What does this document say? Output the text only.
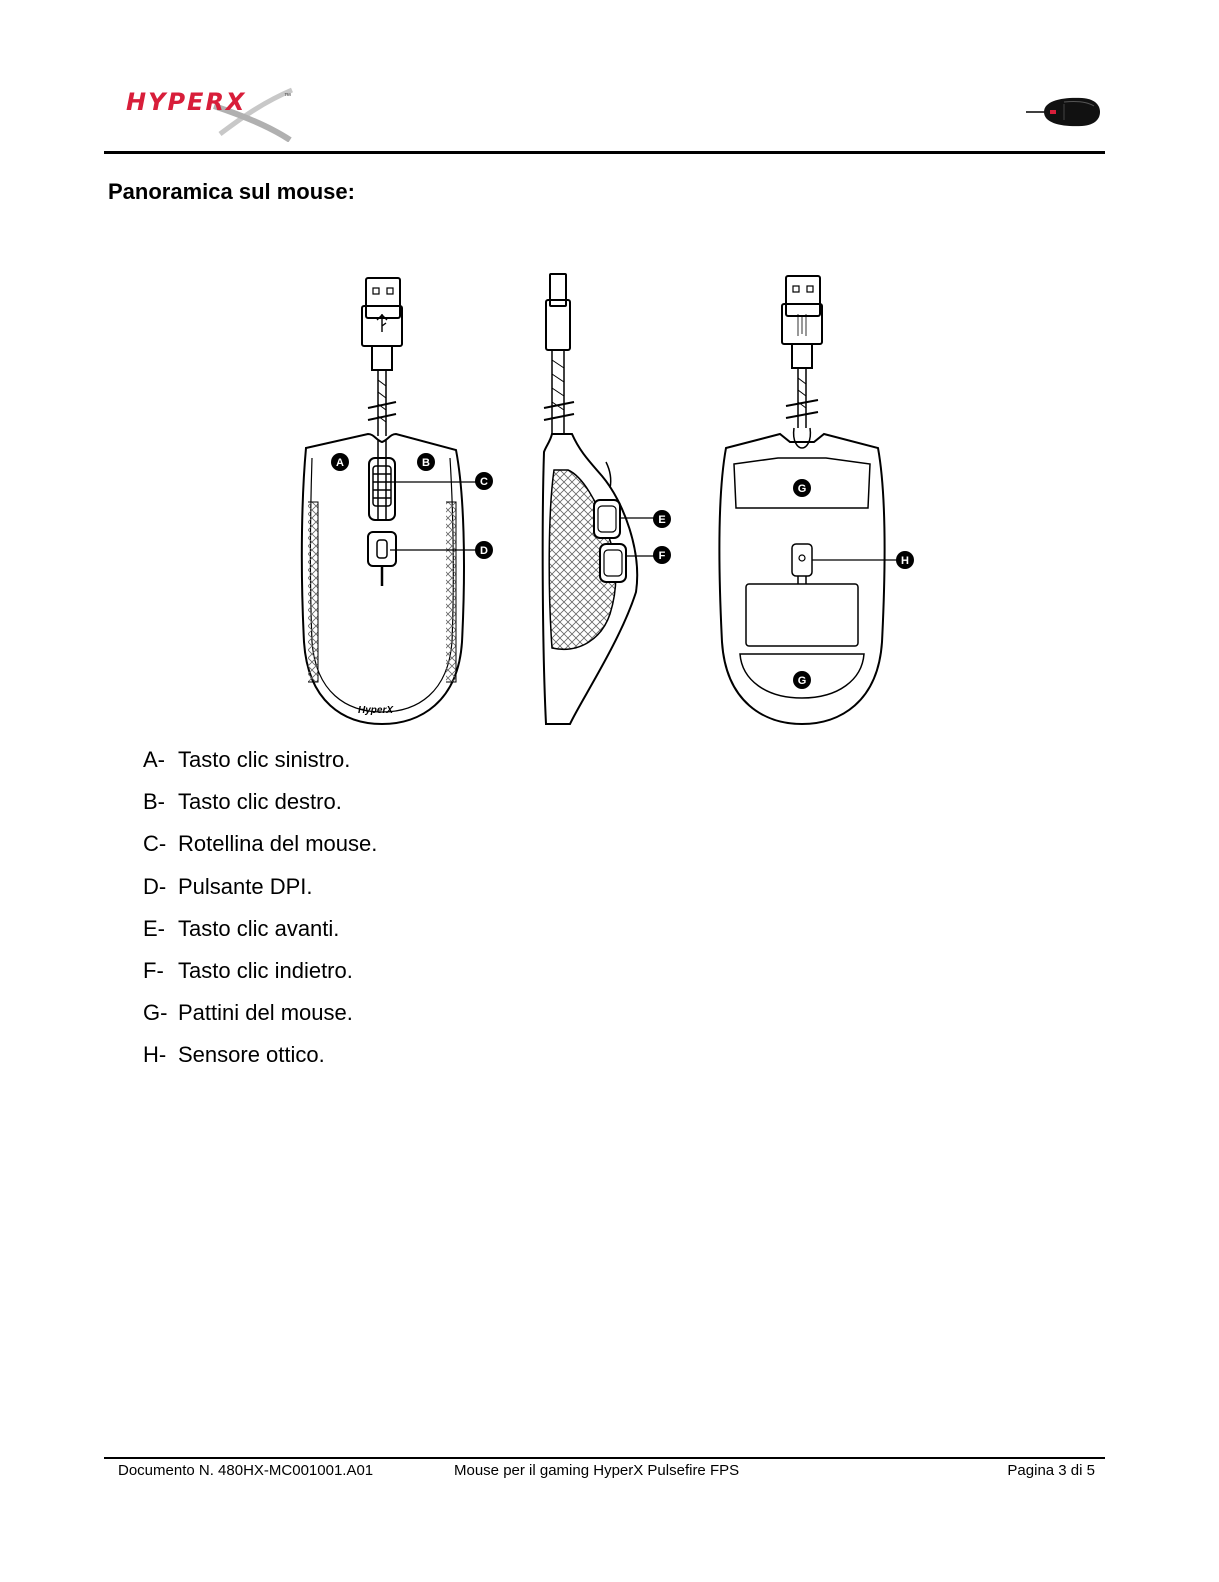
HYPERX	™
Panoramica sul mouse:
HyperX
A	B
C
D
E
F
G
H
G
A- Tasto clic sinistro.
B- Tasto clic destro.
C- Rotellina del mouse.
D- Pulsante DPI.
E- Tasto clic avanti.
F- Tasto clic indietro.
G- Pattini del mouse.
H- Sensore ottico.
Documento N. 480HX-MC001001.A01	Mouse per il gaming HyperX Pulsefire FPS	Pagina 3 di 5
